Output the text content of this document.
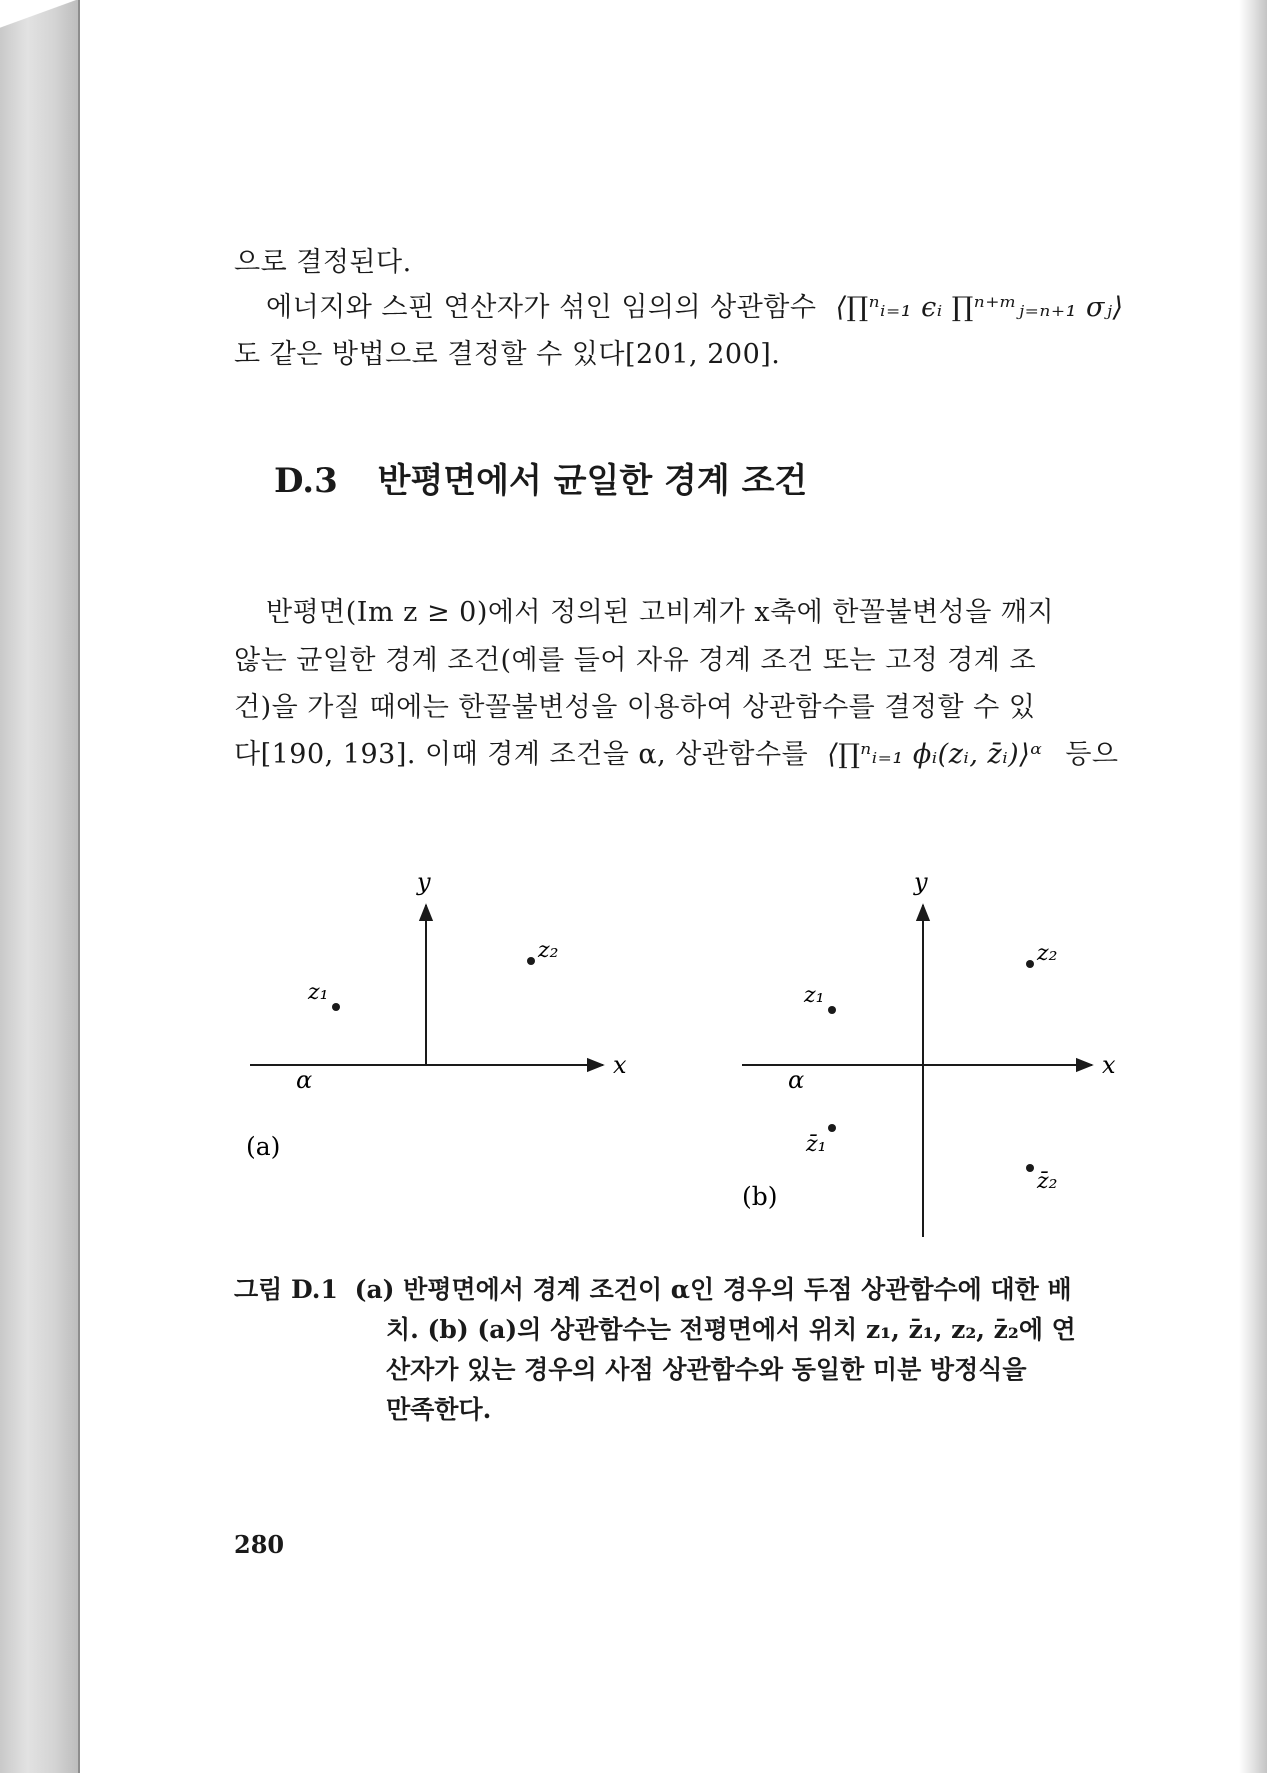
으로 결정된다.
에너지와 스핀 연산자가 섞인 임의의 상관함수 ⟨∏ⁿᵢ₌₁ ϵᵢ ∏ⁿ⁺ᵐⱼ₌ₙ₊₁ σⱼ⟩
도 같은 방법으로 결정할 수 있다[201, 200].
D.3 반평면에서 균일한 경계 조건
반평면(Im z ≥ 0)에서 정의된 고비계가 x축에 한꼴불변성을 깨지
않는 균일한 경계 조건(예를 들어 자유 경계 조건 또는 고정 경계 조
건)을 가질 때에는 한꼴불변성을 이용하여 상관함수를 결정할 수 있
다[190, 193]. 이때 경계 조건을 α, 상관함수를 ⟨∏ⁿᵢ₌₁ ϕᵢ(zᵢ, z̄ᵢ)⟩ᵅ 등으
x
y
α
z₁
z₂
(a)
x
y
α
z₁
z₂
z̄₁
z̄₂
(b)
그림 D.1 (a) 반평면에서 경계 조건이 α인 경우의 두점 상관함수에 대한 배
치. (b) (a)의 상관함수는 전평면에서 위치 z₁, z̄₁, z₂, z̄₂에 연
산자가 있는 경우의 사점 상관함수와 동일한 미분 방정식을
만족한다.
280
